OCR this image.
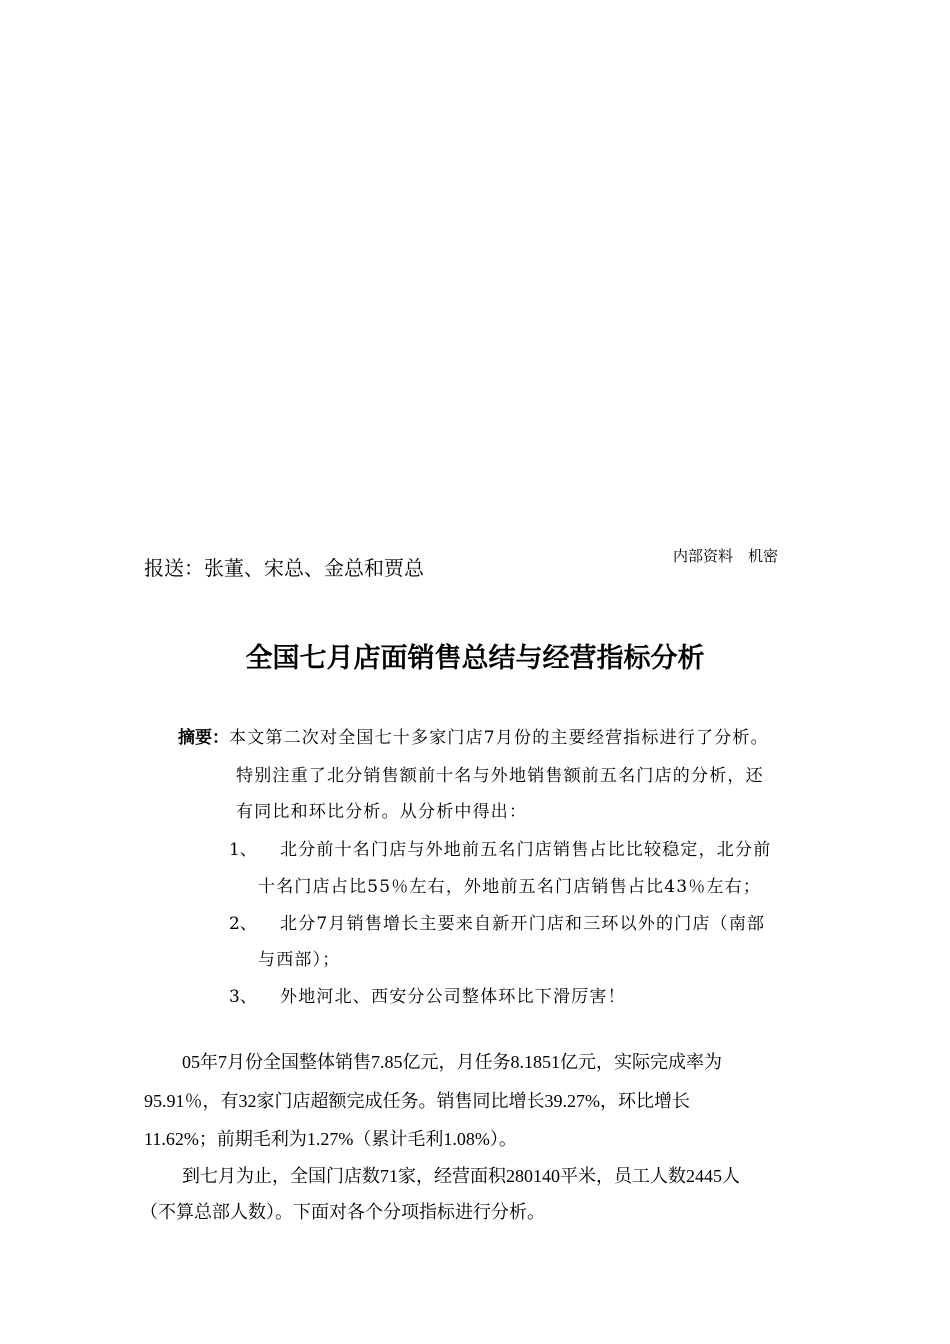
报送：张董、宋总、金总和贾总	内部资料　机密
全国七月店面销售总结与经营指标分析
摘要：本文第二次对全国七十多家门店7月份的主要经营指标进行了分析。
特别注重了北分销售额前十名与外地销售额前五名门店的分析，还
有同比和环比分析。从分析中得出：
1、 北分前十名门店与外地前五名门店销售占比比较稳定，北分前
十名门店占比55％左右，外地前五名门店销售占比43％左右；
2、 北分7月销售增长主要来自新开门店和三环以外的门店（南部
与西部）；
3、 外地河北、西安分公司整体环比下滑厉害！
05年7月份全国整体销售7.85亿元，月任务8.1851亿元，实际完成率为
95.91％，有32家门店超额完成任务。销售同比增长39.27%，环比增长
11.62%；前期毛利为1.27%（累计毛利1.08%）。
到七月为止，全国门店数71家，经营面积280140平米，员工人数2445人
（不算总部人数）。下面对各个分项指标进行分析。
